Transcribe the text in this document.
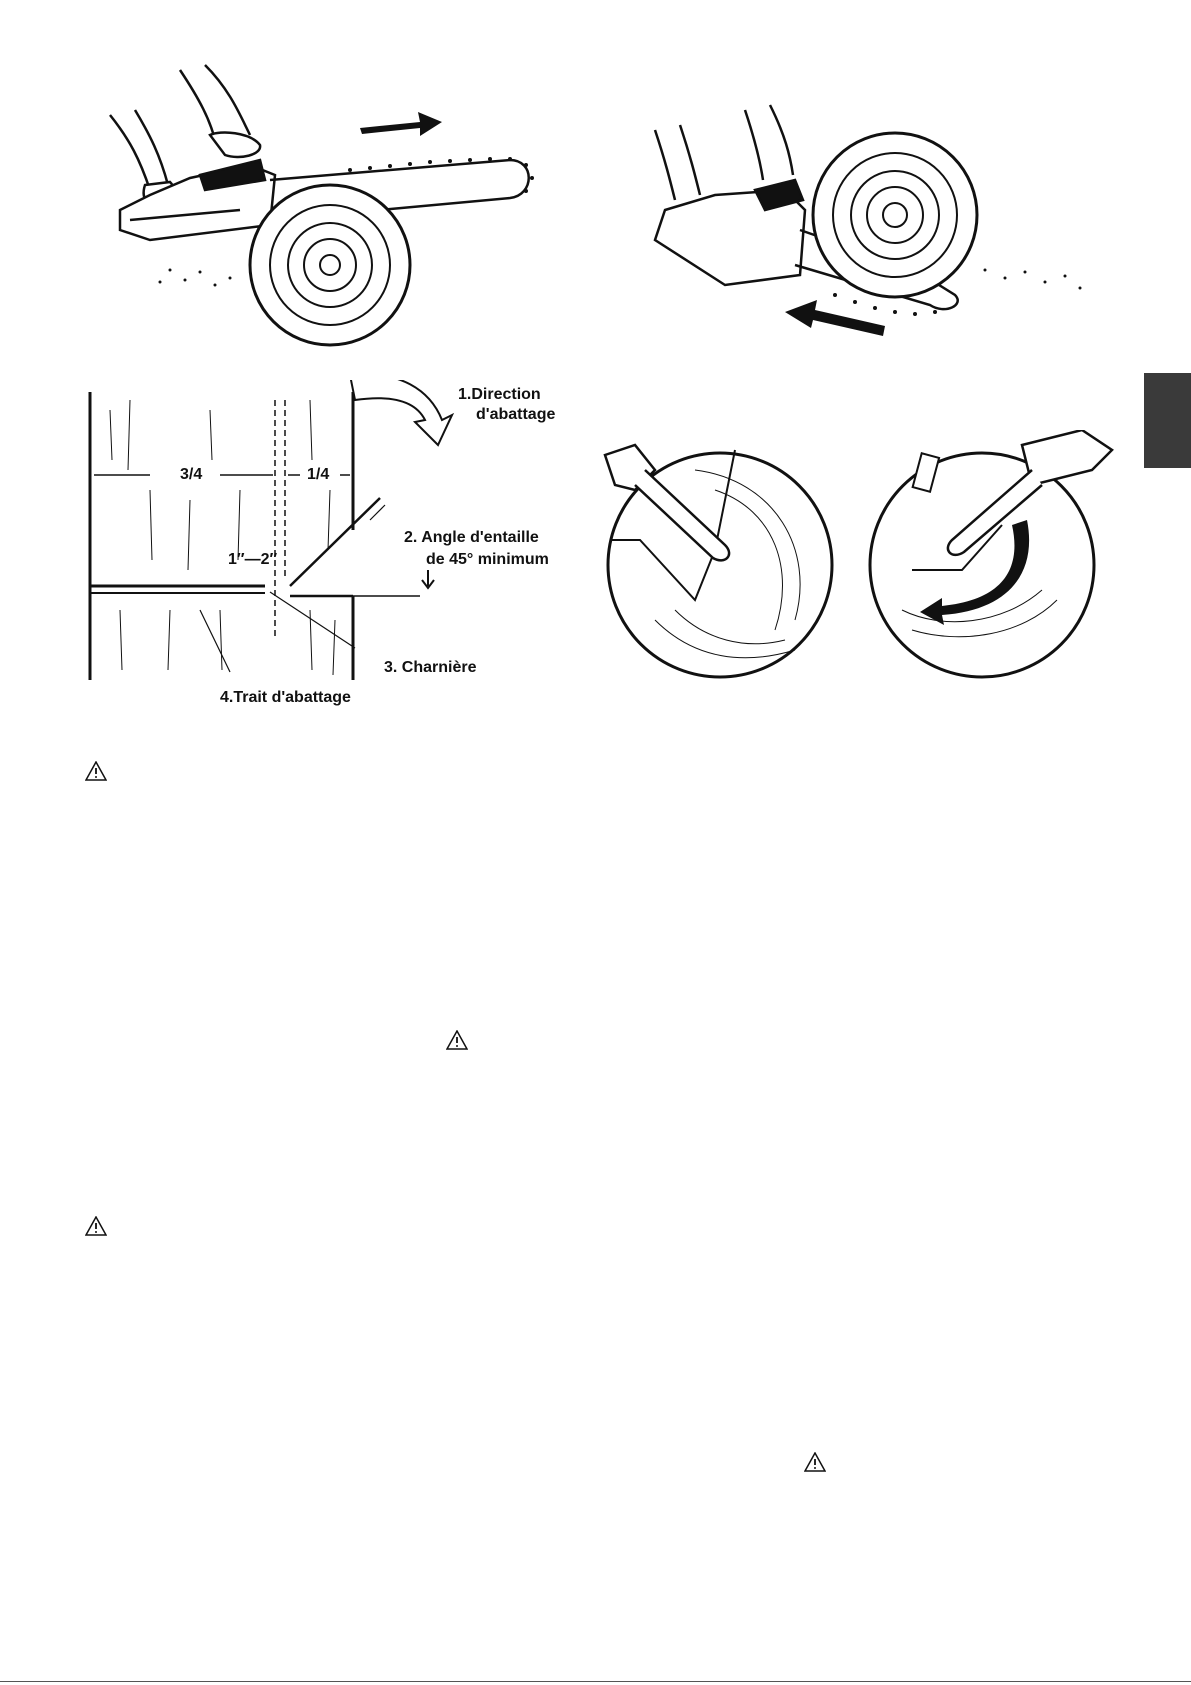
3/4	1/4
1.Direction
d'abattage
2. Angle d'entaille
de 45° minimum
1″—2″
3. Charnière
4.Trait d'abattage
